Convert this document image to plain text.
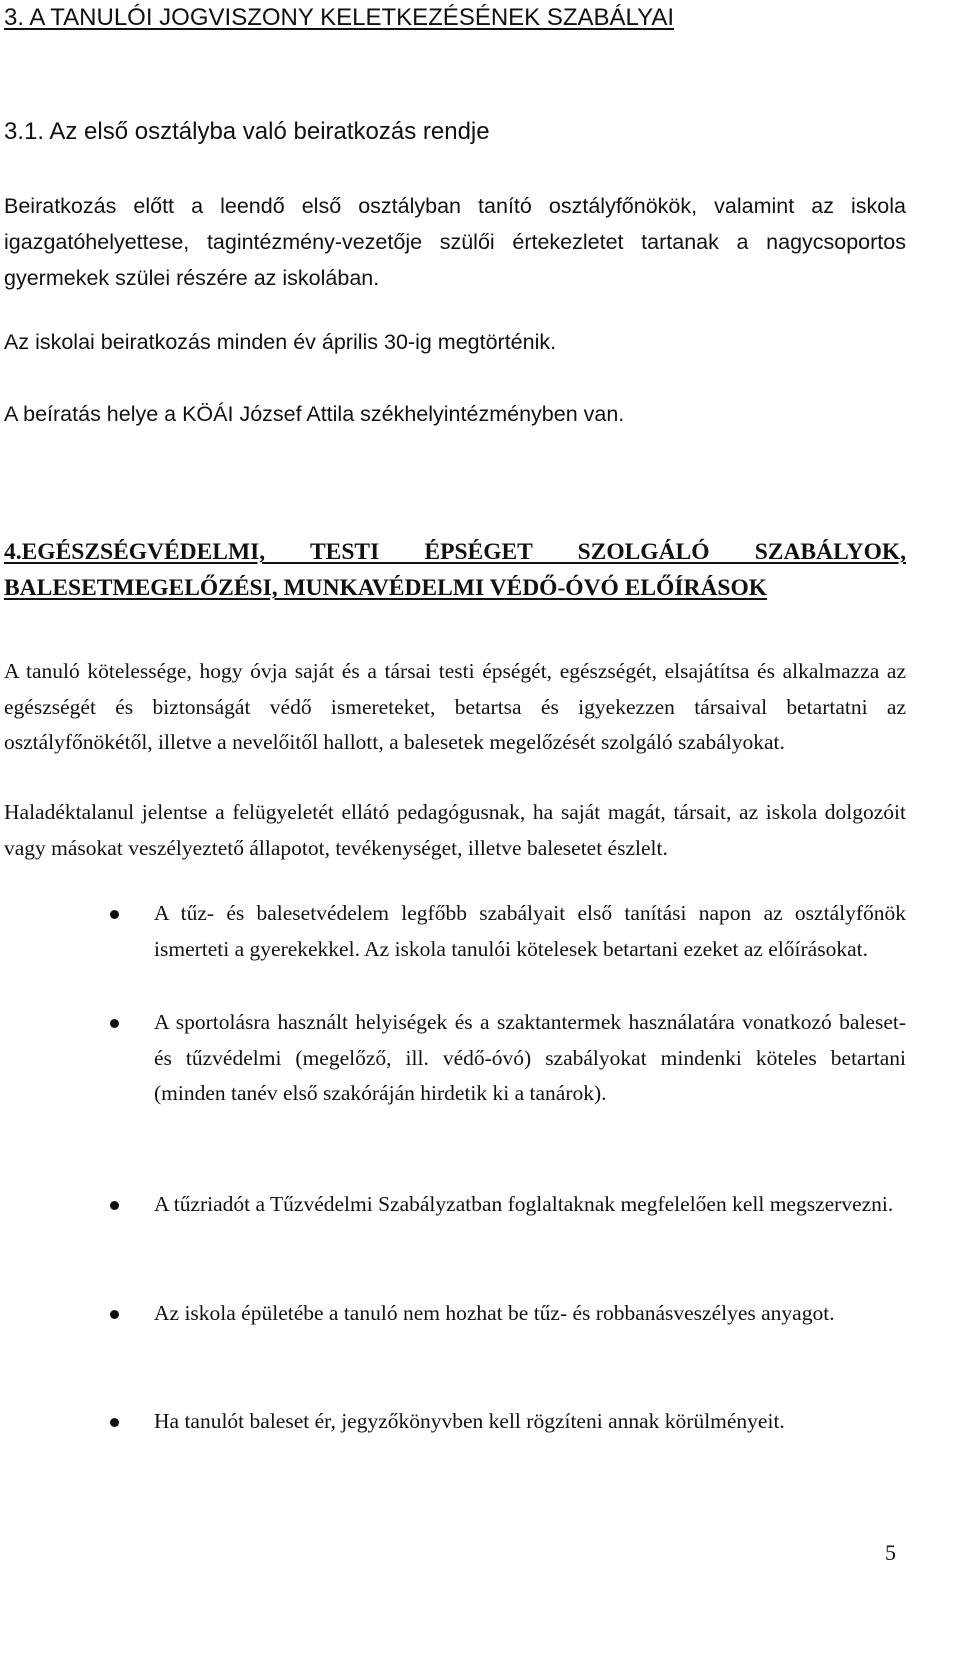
3. A TANULÓI JOGVISZONY KELETKEZÉSÉNEK SZABÁLYAI
3.1. Az első osztályba való beiratkozás rendje
Beiratkozás előtt a leendő első osztályban tanító osztályfőnökök, valamint az iskola igazgatóhelyettese, tagintézmény-vezetője szülői értekezletet tartanak a nagycsoportos gyermekek szülei részére az iskolában.
Az iskolai beiratkozás minden év április 30-ig megtörténik.
A beíratás helye a KÖÁI József Attila székhelyintézményben van.
4.EGÉSZSÉGVÉDELMI, TESTI ÉPSÉGET SZOLGÁLÓ SZABÁLYOK, BALESETMEGELŐZÉSI, MUNKAVÉDELMI VÉDŐ-ÓVÓ ELŐÍRÁSOK
A tanuló kötelessége, hogy óvja saját és a társai testi épségét, egészségét, elsajátítsa és alkalmazza az egészségét és biztonságát védő ismereteket, betartsa és igyekezzen társaival betartatni az osztályfőnökétől, illetve a nevelőitől hallott, a balesetek megelőzését szolgáló szabályokat.
Haladéktalanul jelentse a felügyeletét ellátó pedagógusnak, ha saját magát, társait, az iskola dolgozóit vagy másokat veszélyeztető állapotot, tevékenységet, illetve balesetet észlelt.
A tűz- és balesetvédelem legfőbb szabályait első tanítási napon az osztályfőnök ismerteti a gyerekekkel. Az iskola tanulói kötelesek betartani ezeket az előírásokat.
A sportolásra használt helyiségek és a szaktantermek használatára vonatkozó baleset- és tűzvédelmi (megelőző, ill. védő-óvó) szabályokat mindenki köteles betartani (minden tanév első szakóráján hirdetik ki a tanárok).
A tűzriadót a Tűzvédelmi Szabályzatban foglaltaknak megfelelően kell megszervezni.
Az iskola épületébe a tanuló nem hozhat be tűz- és robbanásveszélyes anyagot.
Ha tanulót baleset ér, jegyzőkönyvben kell rögzíteni annak körülményeit.
5
